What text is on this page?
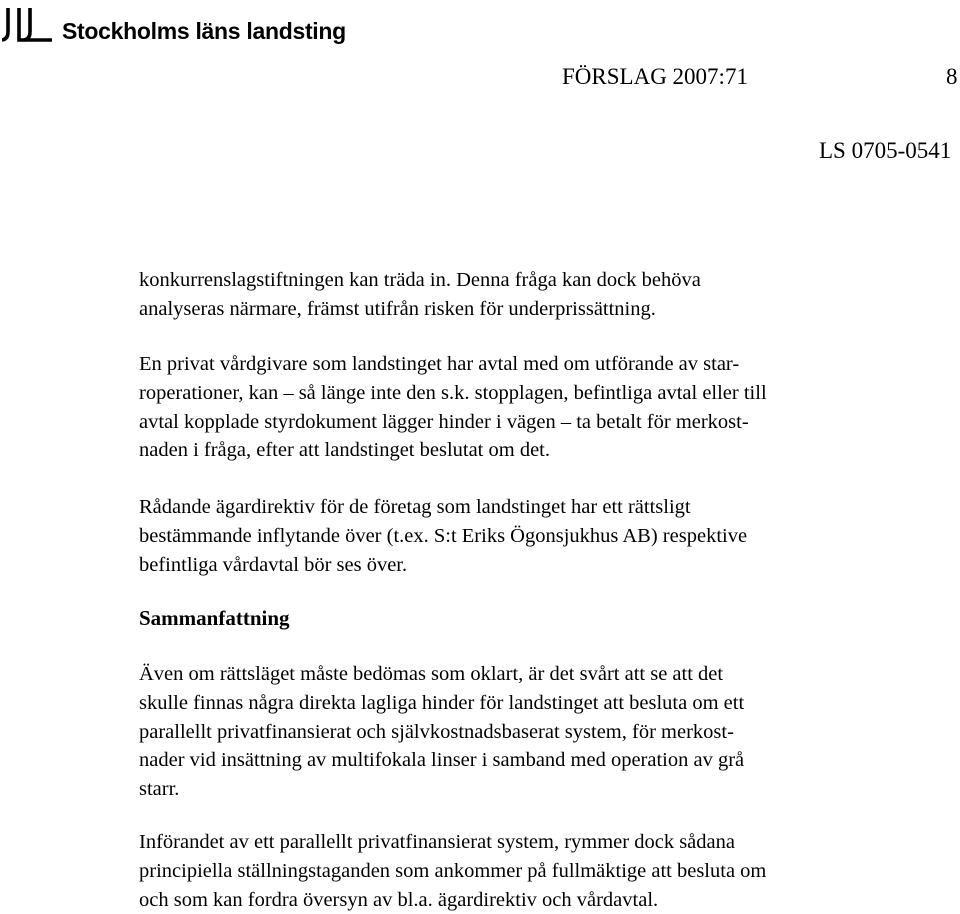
Stockholms läns landsting
FÖRSLAG 2007:71	8
LS 0705-0541
konkurrenslagstiftningen kan träda in. Denna fråga kan dock behöva
analyseras närmare, främst utifrån risken för underprissättning.
En privat vårdgivare som landstinget har avtal med om utförande av star-
roperationer, kan – så länge inte den s.k. stopplagen, befintliga avtal eller till
avtal kopplade styrdokument lägger hinder i vägen – ta betalt för merkost-
naden i fråga, efter att landstinget beslutat om det.
Rådande ägardirektiv för de företag som landstinget har ett rättsligt
bestämmande inflytande över (t.ex. S:t Eriks Ögonsjukhus AB) respektive
befintliga vårdavtal bör ses över.
Sammanfattning
Även om rättsläget måste bedömas som oklart, är det svårt att se att det
skulle finnas några direkta lagliga hinder för landstinget att besluta om ett
parallellt privatfinansierat och självkostnadsbaserat system, för merkost-
nader vid insättning av multifokala linser i samband med operation av grå
starr.
Införandet av ett parallellt privatfinansierat system, rymmer dock sådana
principiella ställningstaganden som ankommer på fullmäktige att besluta om
och som kan fordra översyn av bl.a. ägardirektiv och vårdavtal.
